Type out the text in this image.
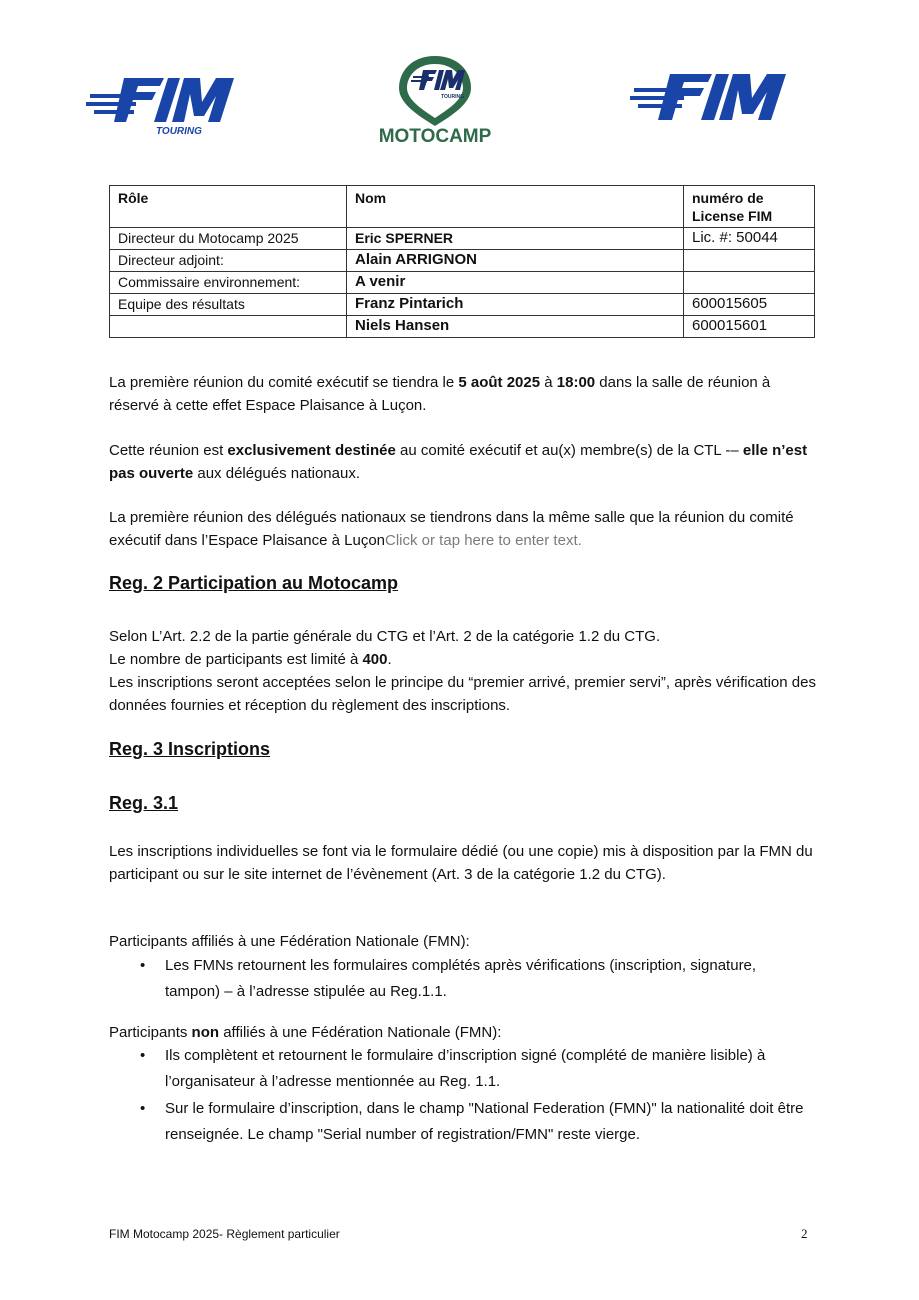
TOURING
TOURING
MOTOCAMP
Rôle	Nom	numéro de License FIM
Directeur du Motocamp 2025	Eric SPERNER	Lic. #: 50044
Directeur adjoint:	Alain ARRIGNON	
Commissaire environnement:	A venir	
Equipe des résultats	Franz Pintarich	600015605
	Niels Hansen	600015601

La première réunion du comité exécutif se tiendra le 5 août 2025 à 18:00 dans la salle de réunion à réservé à cette effet Espace Plaisance à Luçon.

Cette réunion est exclusivement destinée au comité exécutif et au(x) membre(s) de la CTL -– elle n’est pas ouverte aux délégués nationaux.

La première réunion des délégués nationaux se tiendrons dans la même salle que la réunion du comité exécutif dans l’Espace Plaisance à LuçonClick or tap here to enter text.

Reg. 2 Participation au Motocamp

Selon L’Art. 2.2 de la partie générale du CTG et l’Art. 2 de la catégorie 1.2 du CTG.
Le nombre de participants est limité à 400.
Les inscriptions seront acceptées selon le principe du “premier arrivé, premier servi”, après vérification des données fournies et réception du règlement des inscriptions.

Reg. 3 Inscriptions
Reg. 3.1

Les inscriptions individuelles se font via le formulaire dédié (ou une copie) mis à disposition par la FMN du participant ou sur le site internet de l’évènement (Art. 3 de la catégorie 1.2 du CTG).

Participants affiliés à une Fédération Nationale (FMN):

• Les FMNs retournent les formulaires complétés après vérifications (inscription, signature, tampon) – à l’adresse stipulée au Reg.1.1.

Participants non affiliés à une Fédération Nationale (FMN):

• Ils complètent et retournent le formulaire d’inscription signé (complété de manière lisible) à l’organisateur à l’adresse mentionnée au Reg. 1.1.

• Sur le formulaire d’inscription, dans le champ "National Federation (FMN)" la nationalité doit être renseignée. Le champ "Serial number of registration/FMN" reste vierge.

FIM Motocamp 2025- Règlement particulier	2
